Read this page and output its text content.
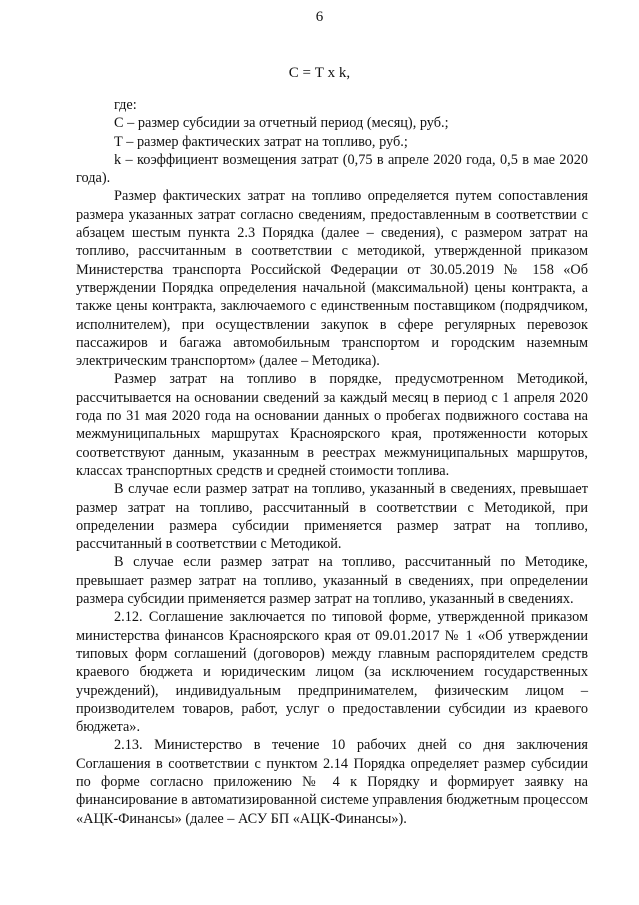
6
С = Т x k,

где:

С – размер субсидии за отчетный период (месяц), руб.;

Т – размер фактических затрат на топливо, руб.;

k – коэффициент возмещения затрат (0,75 в апреле 2020 года, 0,5 в мае 2020 года).

Размер фактических затрат на топливо определяется путем сопоставления размера указанных затрат согласно сведениям, предоставленным в соответствии с абзацем шестым пункта 2.3 Порядка (далее – сведения), с размером затрат на топливо, рассчитанным в соответствии с методикой, утвержденной приказом Министерства транспорта Российской Федерации от 30.05.2019 № 158 «Об утверждении Порядка определения начальной (максимальной) цены контракта, а также цены контракта, заключаемого с единственным поставщиком (подрядчиком, исполнителем), при осуществлении закупок в сфере регулярных перевозок пассажиров и багажа автомобильным транспортом и городским наземным электрическим транспортом» (далее – Методика).

Размер затрат на топливо в порядке, предусмотренном Методикой, рассчитывается на основании сведений за каждый месяц в период с 1 апреля 2020 года по 31 мая 2020 года на основании данных о пробегах подвижного состава на межмуниципальных маршрутах Красноярского края, протяженности которых соответствуют данным, указанным в реестрах межмуниципальных маршрутов, классах транспортных средств и средней стоимости топлива.

В случае если размер затрат на топливо, указанный в сведениях, превышает размер затрат на топливо, рассчитанный в соответствии с Методикой, при определении размера субсидии применяется размер затрат на топливо, рассчитанный в соответствии с Методикой.

В случае если размер затрат на топливо, рассчитанный по Методике, превышает размер затрат на топливо, указанный в сведениях, при определении размера субсидии применяется размер затрат на топливо, указанный в сведениях.

2.12. Соглашение заключается по типовой форме, утвержденной приказом министерства финансов Красноярского края от 09.01.2017 № 1 «Об утверждении типовых форм соглашений (договоров) между главным распорядителем средств краевого бюджета и юридическим лицом (за исключением государственных учреждений), индивидуальным предпринимателем, физическим лицом – производителем товаров, работ, услуг о предоставлении субсидии из краевого бюджета».

2.13. Министерство в течение 10 рабочих дней со дня заключения Соглашения в соответствии с пунктом 2.14 Порядка определяет размер субсидии по форме согласно приложению № 4 к Порядку и формирует заявку на финансирование в автоматизированной системе управления бюджетным процессом «АЦК-Финансы» (далее – АСУ БП «АЦК-Финансы»).
